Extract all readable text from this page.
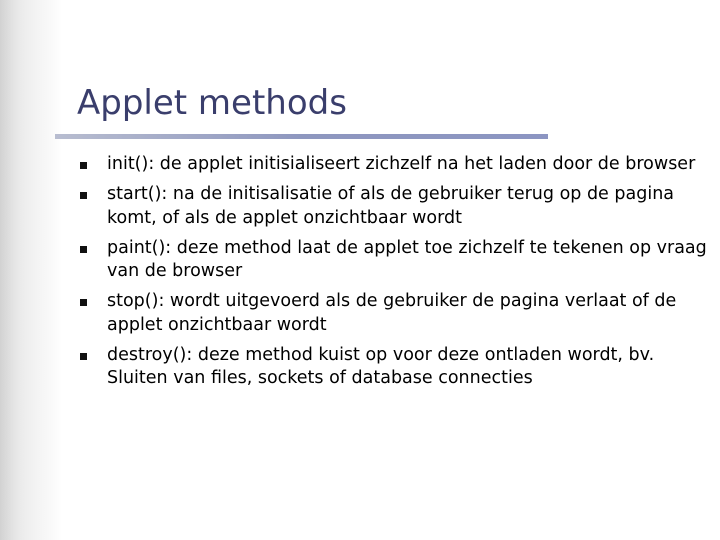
Applet methods
init(): de applet initisialiseert zichzelf na het laden door de browser
start(): na de initisalisatie of als de gebruiker terug op de pagina komt, of als de applet onzichtbaar wordt
paint(): deze method laat de applet toe zichzelf te tekenen op vraag van de browser
stop(): wordt uitgevoerd als de gebruiker de pagina verlaat of de applet onzichtbaar wordt
destroy(): deze method kuist op voor deze ontladen wordt, bv. Sluiten van files, sockets of database connecties
